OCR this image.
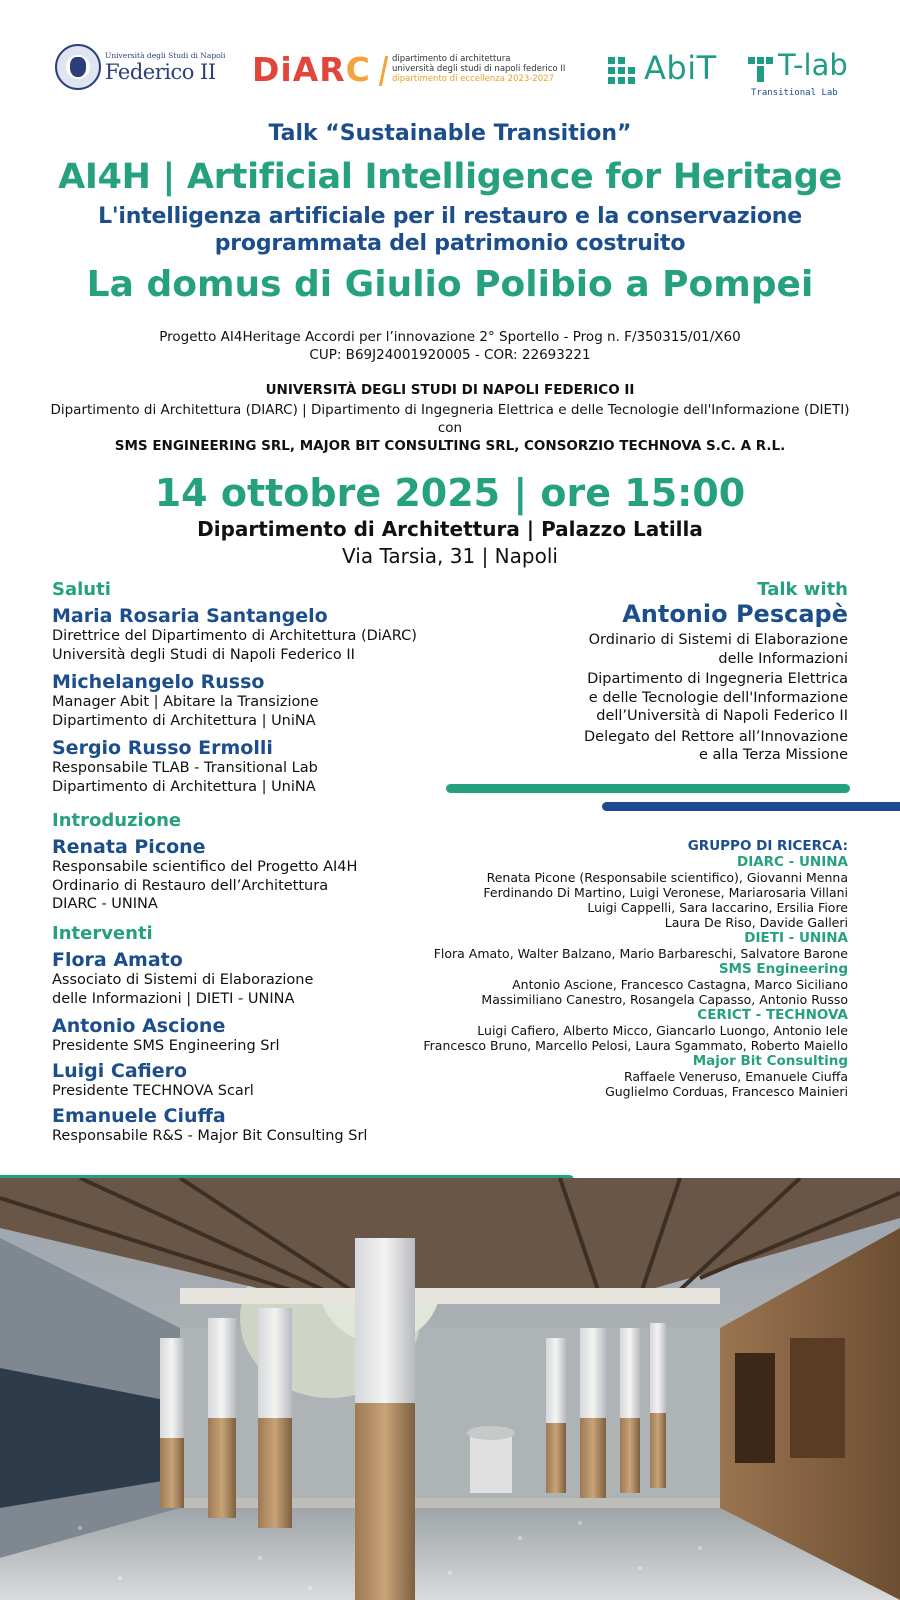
Università degli Studi di Napoli
Federico II DiARC dipartimento di architettura
università degli studi di napoli federico II
dipartimento di eccellenza 2023-2027	AbiT T-lab
Transitional Lab
Talk “Sustainable Transition”
AI4H | Artificial Intelligence for Heritage
L'intelligenza artificiale per il restauro e la conservazione
programmata del patrimonio costruito
La domus di Giulio Polibio a Pompei
Progetto AI4Heritage Accordi per l’innovazione 2° Sportello - Prog n. F/350315/01/X60
CUP: B69J24001920005 - COR: 22693221
UNIVERSITÀ DEGLI STUDI DI NAPOLI FEDERICO II
Dipartimento di Architettura (DIARC) | Dipartimento di Ingegneria Elettrica e delle Tecnologie dell'Informazione (DIETI)
con
SMS ENGINEERING SRL, MAJOR BIT CONSULTING SRL, CONSORZIO TECHNOVA S.C. A R.L.
14 ottobre 2025 | ore 15:00
Dipartimento di Architettura | Palazzo Latilla
Via Tarsia, 31 | Napoli
Saluti
Maria Rosaria Santangelo
Direttrice del Dipartimento di Architettura (DiARC)
Università degli Studi di Napoli Federico II
Michelangelo Russo
Manager Abit | Abitare la Transizione
Dipartimento di Architettura | UniNA
Sergio Russo Ermolli
Responsabile TLAB - Transitional Lab
Dipartimento di Architettura | UniNA
Introduzione
Renata Picone
Responsabile scientifico del Progetto AI4H
Ordinario di Restauro dell’Architettura
DIARC - UNINA
Interventi
Flora Amato
Associato di Sistemi di Elaborazione
delle Informazioni | DIETI - UNINA
Antonio Ascione
Presidente SMS Engineering Srl
Luigi Cafiero
Presidente TECHNOVA Scarl
Emanuele Ciuffa
Responsabile R&S - Major Bit Consulting Srl
Talk with
Antonio Pescapè
Ordinario di Sistemi di Elaborazione
delle Informazioni
Dipartimento di Ingegneria Elettrica
e delle Tecnologie dell'Informazione
dell’Università di Napoli Federico II
Delegato del Rettore all’Innovazione
e alla Terza Missione
GRUPPO DI RICERCA:
DIARC - UNINA
Renata Picone (Responsabile scientifico), Giovanni Menna
Ferdinando Di Martino, Luigi Veronese, Mariarosaria Villani
Luigi Cappelli, Sara Iaccarino, Ersilia Fiore
Laura De Riso, Davide Galleri
DIETI - UNINA
Flora Amato, Walter Balzano, Mario Barbareschi, Salvatore Barone
SMS Engineering
Antonio Ascione, Francesco Castagna, Marco Siciliano
Massimiliano Canestro, Rosangela Capasso, Antonio Russo
CERICT - TECHNOVA
Luigi Cafiero, Alberto Micco, Giancarlo Luongo, Antonio Iele
Francesco Bruno, Marcello Pelosi, Laura Sgammato, Roberto Maiello
Major Bit Consulting
Raffaele Veneruso, Emanuele Ciuffa
Guglielmo Corduas, Francesco Mainieri
